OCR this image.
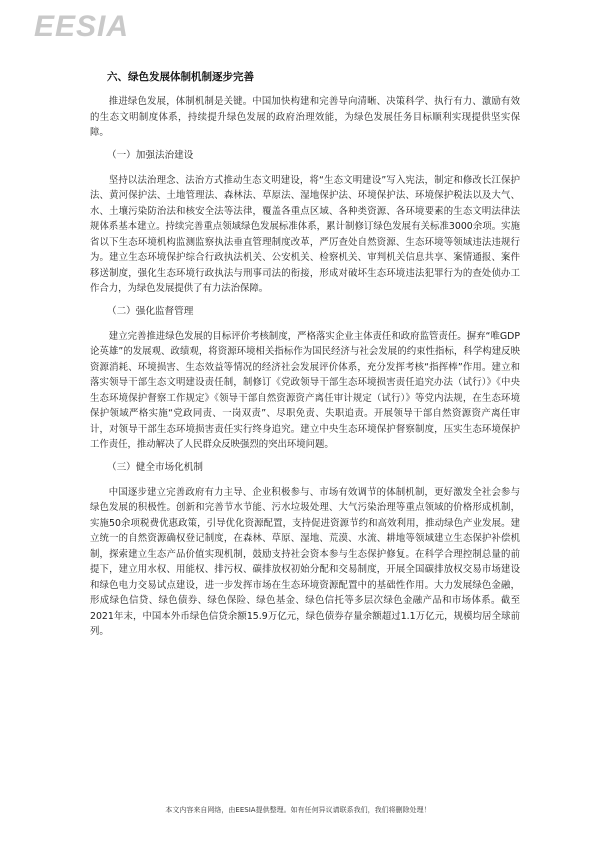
EESIA
六、绿色发展体制机制逐步完善

推进绿色发展，体制机制是关键。中国加快构建和完善导向清晰、决策科学、执行有力、激励有效的生态文明制度体系，持续提升绿色发展的政府治理效能，为绿色发展任务目标顺利实现提供坚实保障。

（一）加强法治建设

坚持以法治理念、法治方式推动生态文明建设，将“生态文明建设”写入宪法，制定和修改长江保护法、黄河保护法、土地管理法、森林法、草原法、湿地保护法、环境保护法、环境保护税法以及大气、水、土壤污染防治法和核安全法等法律，覆盖各重点区域、各种类资源、各环境要素的生态文明法律法规体系基本建立。持续完善重点领域绿色发展标准体系，累计制修订绿色发展有关标准3000余项。实施省以下生态环境机构监测监察执法垂直管理制度改革，严厉查处自然资源、生态环境等领域违法违规行为。建立生态环境保护综合行政执法机关、公安机关、检察机关、审判机关信息共享、案情通报、案件移送制度，强化生态环境行政执法与刑事司法的衔接，形成对破坏生态环境违法犯罪行为的查处侦办工作合力，为绿色发展提供了有力法治保障。

（二）强化监督管理

建立完善推进绿色发展的目标评价考核制度，严格落实企业主体责任和政府监管责任。摒弃“唯GDP论英雄”的发展观、政绩观，将资源环境相关指标作为国民经济与社会发展的约束性指标，科学构建反映资源消耗、环境损害、生态效益等情况的经济社会发展评价体系，充分发挥考核“指挥棒”作用。建立和落实领导干部生态文明建设责任制，制修订《党政领导干部生态环境损害责任追究办法（试行）》《中央生态环境保护督察工作规定》《领导干部自然资源资产离任审计规定（试行）》等党内法规，在生态环境保护领域严格实施“党政同责、一岗双责”、尽职免责、失职追责。开展领导干部自然资源资产离任审计，对领导干部生态环境损害责任实行终身追究。建立中央生态环境保护督察制度，压实生态环境保护工作责任，推动解决了人民群众反映强烈的突出环境问题。

（三）健全市场化机制

中国逐步建立完善政府有力主导、企业积极参与、市场有效调节的体制机制，更好激发全社会参与绿色发展的积极性。创新和完善节水节能、污水垃圾处理、大气污染治理等重点领域的价格形成机制，实施50余项税费优惠政策，引导优化资源配置，支持促进资源节约和高效利用，推动绿色产业发展。建立统一的自然资源确权登记制度，在森林、草原、湿地、荒漠、水流、耕地等领域建立生态保护补偿机制，探索建立生态产品价值实现机制，鼓励支持社会资本参与生态保护修复。在科学合理控制总量的前提下，建立用水权、用能权、排污权、碳排放权初始分配和交易制度，开展全国碳排放权交易市场建设和绿色电力交易试点建设，进一步发挥市场在生态环境资源配置中的基础性作用。大力发展绿色金融，形成绿色信贷、绿色债券、绿色保险、绿色基金、绿色信托等多层次绿色金融产品和市场体系。截至2021年末，中国本外币绿色信贷余额15.9万亿元，绿色债券存量余额超过1.1万亿元，规模均居全球前列。

本文内容来自网络，由EESIA提供整理。如有任何异议请联系我们，我们将删除处理！
